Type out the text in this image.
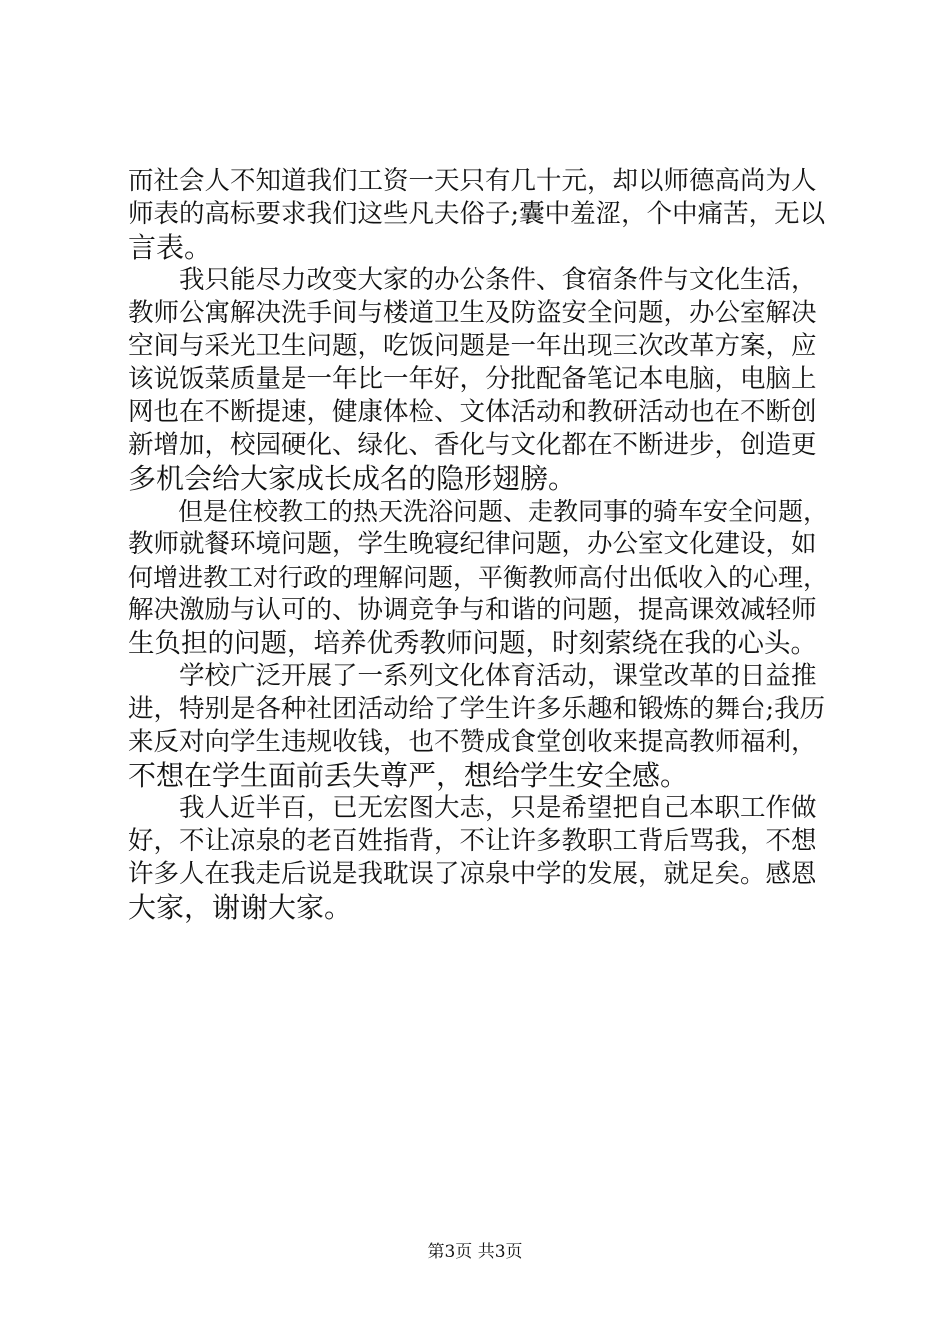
而社会人不知道我们工资一天只有几十元，却以师德高尚为人
师表的高标要求我们这些凡夫俗子;囊中羞涩，个中痛苦，无以
言表。
　　我只能尽力改变大家的办公条件、食宿条件与文化生活，
教师公寓解决洗手间与楼道卫生及防盗安全问题，办公室解决
空间与采光卫生问题，吃饭问题是一年出现三次改革方案，应
该说饭菜质量是一年比一年好，分批配备笔记本电脑，电脑上
网也在不断提速，健康体检、文体活动和教研活动也在不断创
新增加，校园硬化、绿化、香化与文化都在不断进步，创造更
多机会给大家成长成名的隐形翅膀。
　　但是住校教工的热天洗浴问题、走教同事的骑车安全问题，
教师就餐环境问题，学生晚寝纪律问题，办公室文化建设，如
何增进教工对行政的理解问题，平衡教师高付出低收入的心理，
解决激励与认可的、协调竞争与和谐的问题，提高课效减轻师
生负担的问题，培养优秀教师问题，时刻萦绕在我的心头。
　　学校广泛开展了一系列文化体育活动，课堂改革的日益推
进，特别是各种社团活动给了学生许多乐趣和锻炼的舞台;我历
来反对向学生违规收钱，也不赞成食堂创收来提高教师福利，
不想在学生面前丢失尊严，想给学生安全感。
　　我人近半百，已无宏图大志，只是希望把自己本职工作做
好，不让凉泉的老百姓指背，不让许多教职工背后骂我，不想
许多人在我走后说是我耽误了凉泉中学的发展，就足矣。感恩
大家，谢谢大家。
第3页 共3页
